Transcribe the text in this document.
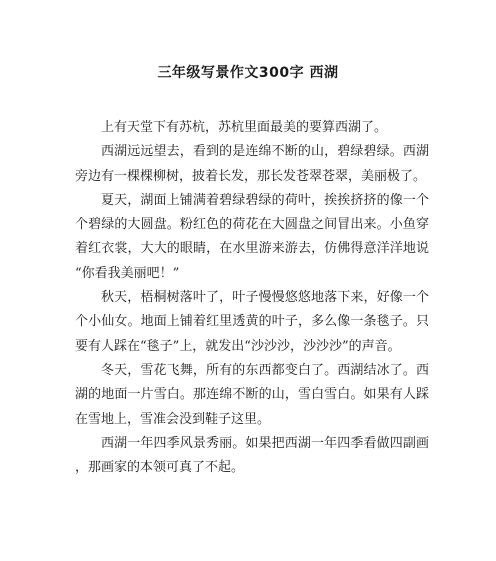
三年级写景作文300字 西湖

上有天堂下有苏杭，苏杭里面最美的要算西湖了。

西湖远远望去，看到的是连绵不断的山，碧绿碧绿。西湖旁边有一棵棵柳树，披着长发，那长发苍翠苍翠，美丽极了。

夏天，湖面上铺满着碧绿碧绿的荷叶，挨挨挤挤的像一个个碧绿的大圆盘。粉红色的荷花在大圆盘之间冒出来。小鱼穿着红衣裳，大大的眼睛，在水里游来游去，仿佛得意洋洋地说“你看我美丽吧！”

秋天，梧桐树落叶了，叶子慢慢悠悠地落下来，好像一个个小仙女。地面上铺着红里透黄的叶子，多么像一条毯子。只要有人踩在“毯子”上，就发出“沙沙沙，沙沙沙”的声音。

冬天，雪花飞舞，所有的东西都变白了。西湖结冰了。西湖的地面一片雪白。那连绵不断的山，雪白雪白。如果有人踩在雪地上，雪准会没到鞋子这里。

西湖一年四季风景秀丽。如果把西湖一年四季看做四副画，那画家的本领可真了不起。
